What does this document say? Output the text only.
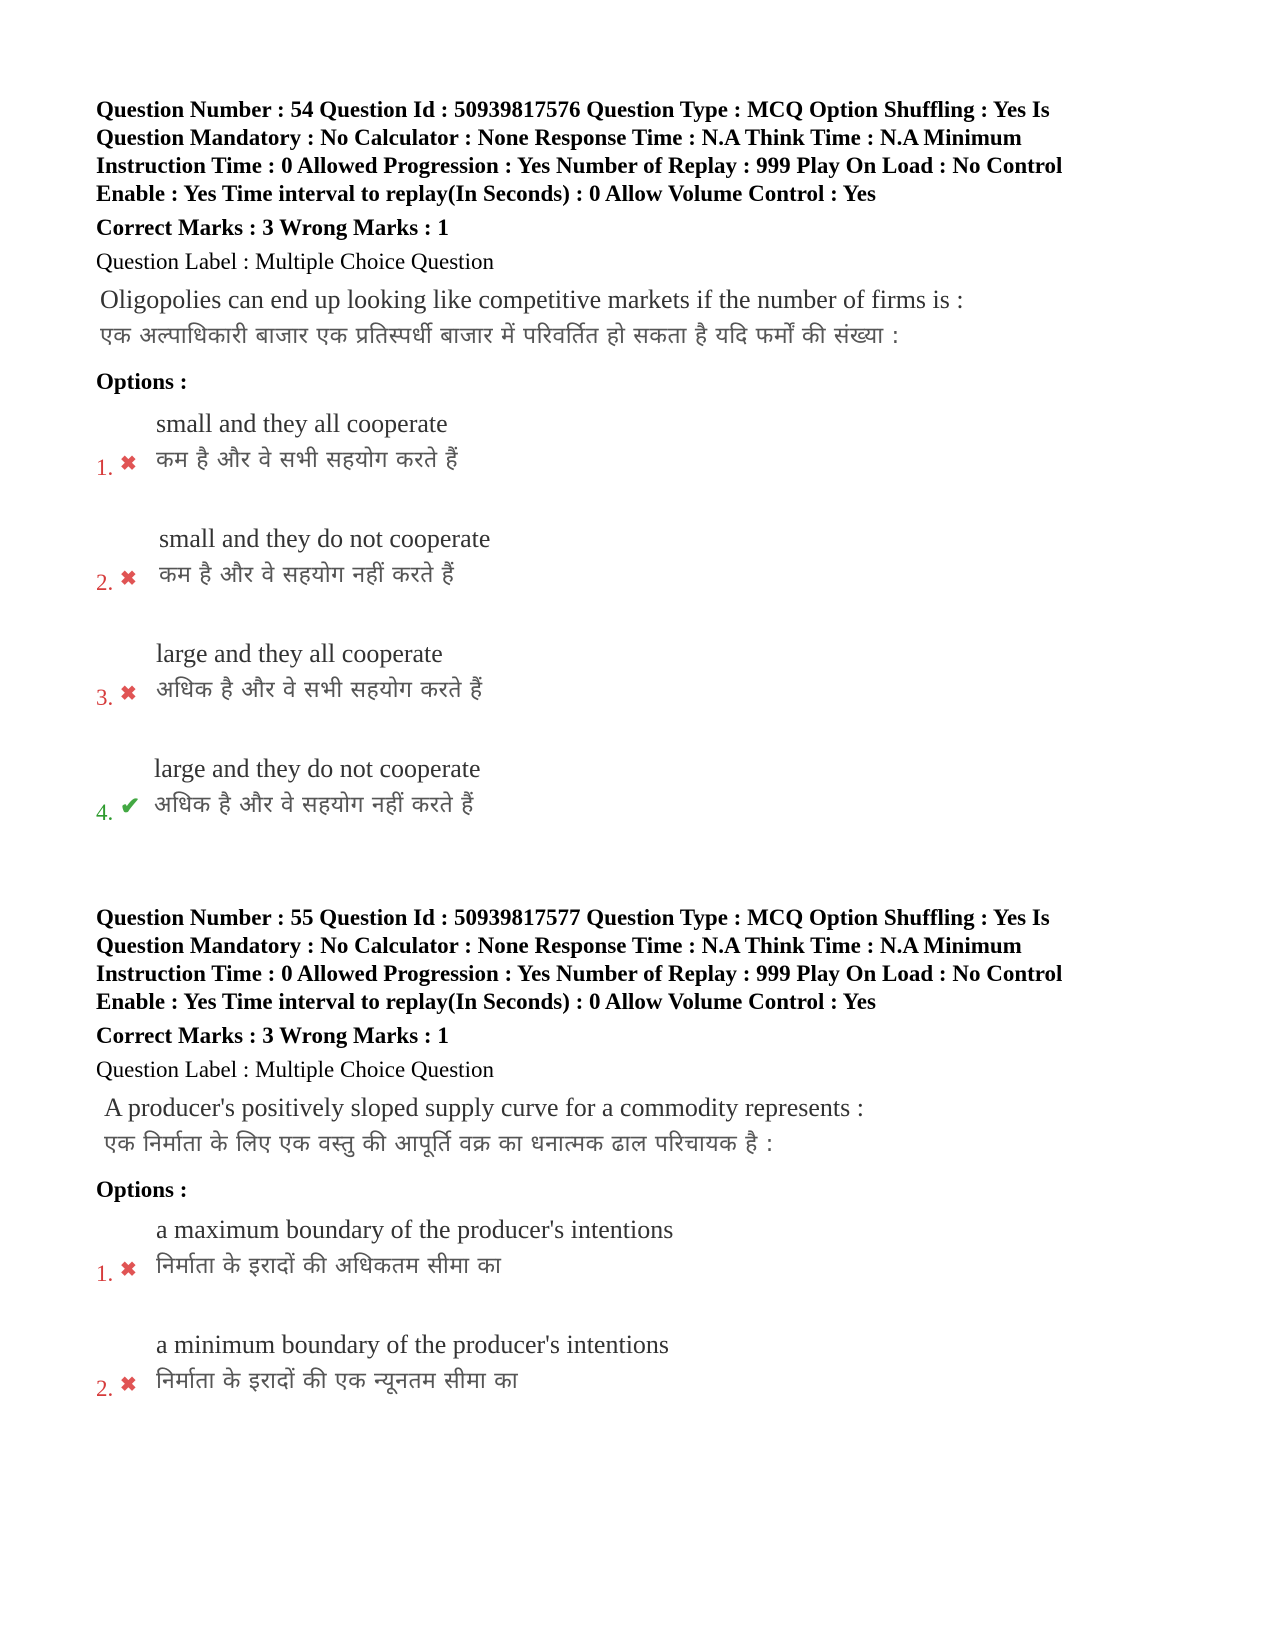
Question Number : 54 Question Id : 50939817576 Question Type : MCQ Option Shuffling : Yes Is
Question Mandatory : No Calculator : None Response Time : N.A Think Time : N.A Minimum
Instruction Time : 0 Allowed Progression : Yes Number of Replay : 999 Play On Load : No Control
Enable : Yes Time interval to replay(In Seconds) : 0 Allow Volume Control : Yes
Correct Marks : 3 Wrong Marks : 1
Question Label : Multiple Choice Question
Oligopolies can end up looking like competitive markets if the number of firms is :
एक अल्पाधिकारी बाजार एक प्रतिस्पर्धी बाजार में परिवर्तित हो सकता है यदि फर्मों की संख्या :
Options :
1. ✖
small and they all cooperate
कम है और वे सभी सहयोग करते हैं
2. ✖
small and they do not cooperate
कम है और वे सहयोग नहीं करते हैं
3. ✖
large and they all cooperate
अधिक है और वे सभी सहयोग करते हैं
4. ✔
large and they do not cooperate
अधिक है और वे सहयोग नहीं करते हैं
Question Number : 55 Question Id : 50939817577 Question Type : MCQ Option Shuffling : Yes Is
Question Mandatory : No Calculator : None Response Time : N.A Think Time : N.A Minimum
Instruction Time : 0 Allowed Progression : Yes Number of Replay : 999 Play On Load : No Control
Enable : Yes Time interval to replay(In Seconds) : 0 Allow Volume Control : Yes
Correct Marks : 3 Wrong Marks : 1
Question Label : Multiple Choice Question
A producer's positively sloped supply curve for a commodity represents :
एक निर्माता के लिए एक वस्तु की आपूर्ति वक्र का धनात्मक ढाल परिचायक है :
Options :
1. ✖
a maximum boundary of the producer's intentions
निर्माता के इरादों की अधिकतम सीमा का
2. ✖
a minimum boundary of the producer's intentions
निर्माता के इरादों की एक न्यूनतम सीमा का
